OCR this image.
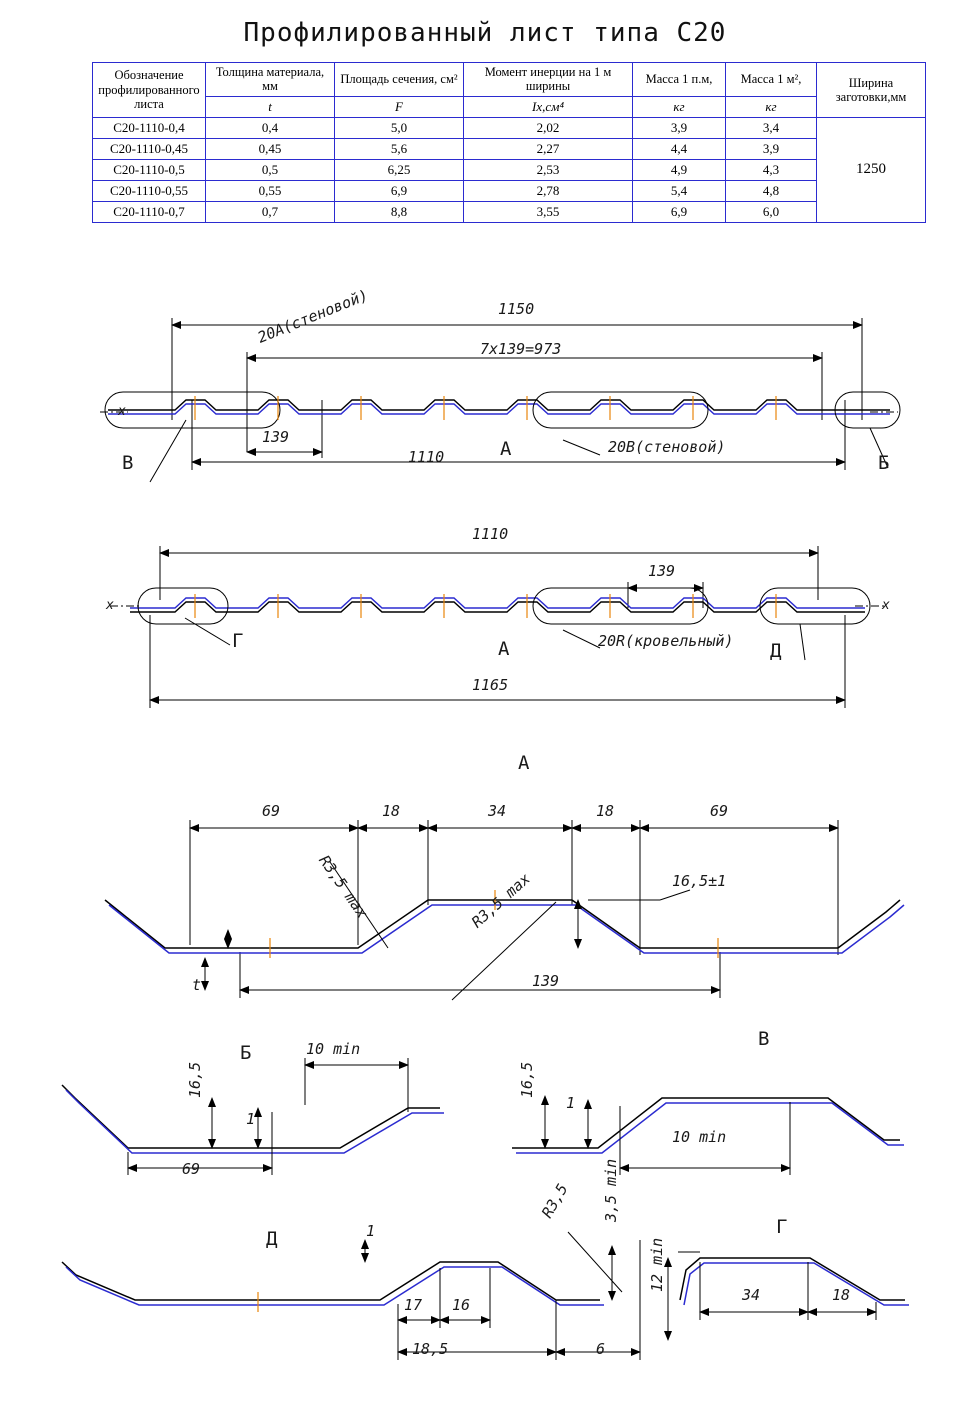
Профилированный лист типа С20
Обозначение профилированного листа	Толщина материала, мм	Площадь сечения, см²	Момент инерции на 1 м ширины	Масса 1 п.м,	Масса 1 м²,	Ширина заготовки,мм
	t	F	Ix,см⁴	кг	кг	
С20-1110-0,4	0,4	5,0	2,02	3,9	3,4	1250
С20-1110-0,45	0,45	5,6	2,27	4,4	3,9	
С20-1110-0,5	0,5	6,25	2,53	4,9	4,3	
С20-1110-0,55	0,55	6,9	2,78	5,4	4,8	
С20-1110-0,7	0,7	8,8	3,55	6,9	6,0	
1150
7x139=973
139
1110
20А(стеновой)
20В(стеновой)
А
В	Б
x
1110
139
1165
20R(кровельный)
Г	А	Д
x	x
А
69	18	34	18	69
R3,5 max	R3,5 max	16,5±1
139
t
Б	10 min
16,5
1
69
В
16,5
1
10 min
Д	1
17 16
18,5	6
R3,5 3,5 min
Г
12 min
34	18
